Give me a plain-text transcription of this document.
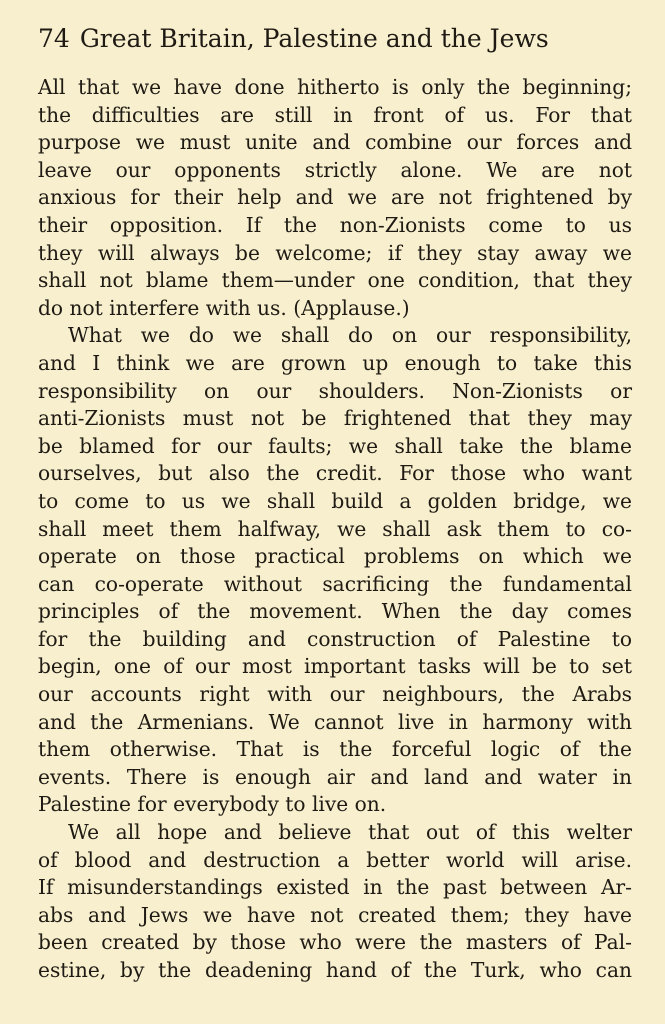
74 Great Britain, Palestine and the Jews
All that we have done hitherto is only the beginning;
the difficulties are still in front of us. For that
purpose we must unite and combine our forces and
leave our opponents strictly alone. We are not
anxious for their help and we are not frightened by
their opposition. If the non-Zionists come to us
they will always be welcome; if they stay away we
shall not blame them—under one condition, that they
do not interfere with us. (Applause.)
What we do we shall do on our responsibility,
and I think we are grown up enough to take this
responsibility on our shoulders. Non-Zionists or
anti-Zionists must not be frightened that they may
be blamed for our faults; we shall take the blame
ourselves, but also the credit. For those who want
to come to us we shall build a golden bridge, we
shall meet them halfway, we shall ask them to co-
operate on those practical problems on which we
can co-operate without sacrificing the fundamental
principles of the movement. When the day comes
for the building and construction of Palestine to
begin, one of our most important tasks will be to set
our accounts right with our neighbours, the Arabs
and the Armenians. We cannot live in harmony with
them otherwise. That is the forceful logic of the
events. There is enough air and land and water in
Palestine for everybody to live on.
We all hope and believe that out of this welter
of blood and destruction a better world will arise.
If misunderstandings existed in the past between Ar-
abs and Jews we have not created them; they have
been created by those who were the masters of Pal-
estine, by the deadening hand of the Turk, who can
